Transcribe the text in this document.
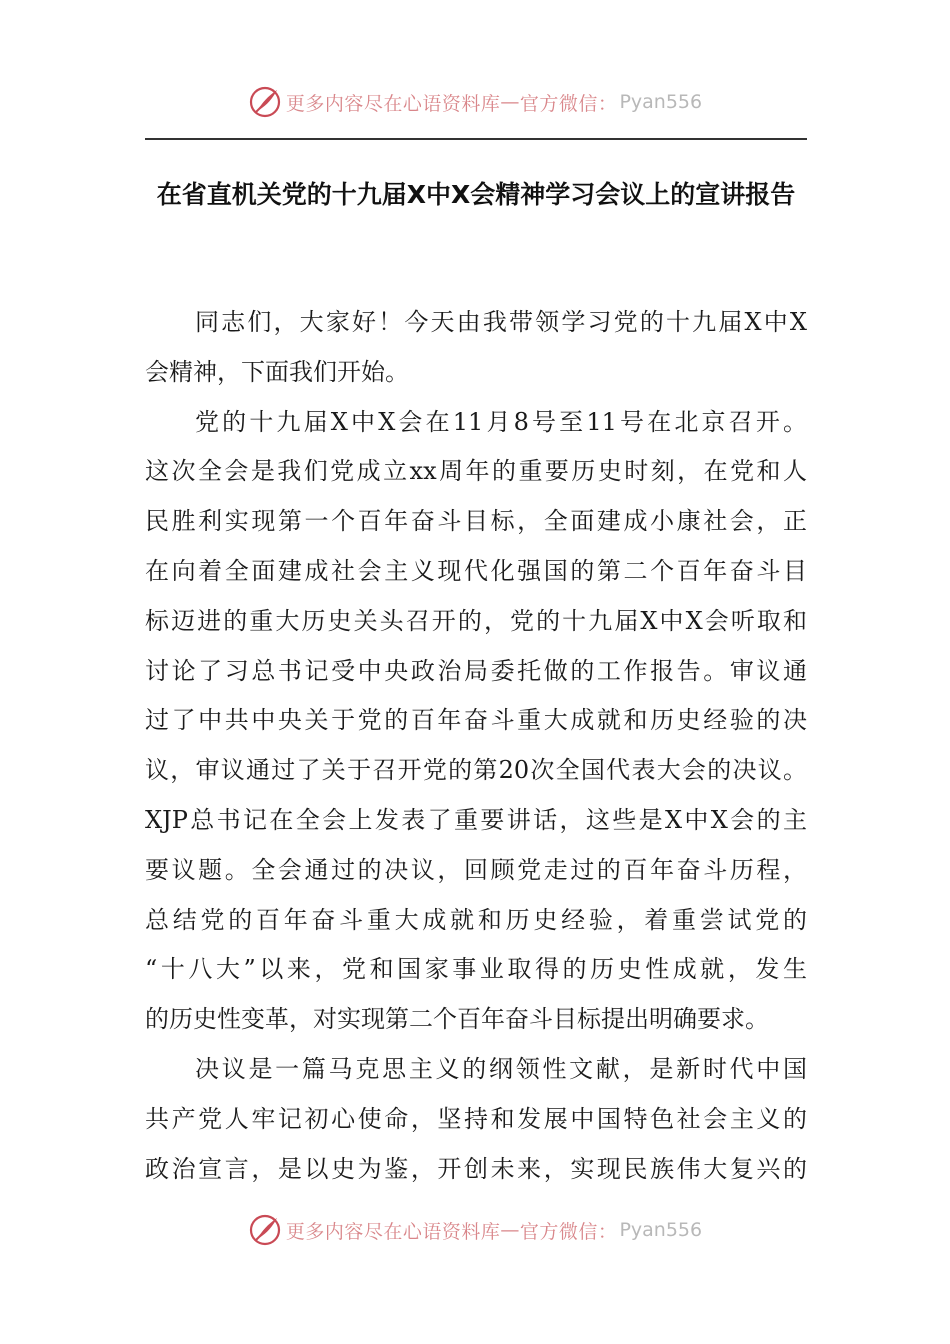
更多内容尽在心语资料库 — 官方微信： Pyan556
在省直机关党的十九届X中X会精神学习会议上的宣讲报告
同志们，大家好！今天由我带领学习党的十九届X中X
会精神，下面我们开始。
党的十九届X中X会在11月8号至11号在北京召开。
这次全会是我们党成立xx周年的重要历史时刻，在党和人
民胜利实现第一个百年奋斗目标，全面建成小康社会，正
在向着全面建成社会主义现代化强国的第二个百年奋斗目
标迈进的重大历史关头召开的，党的十九届X中X会听取和
讨论了习总书记受中央政治局委托做的工作报告。审议通
过了中共中央关于党的百年奋斗重大成就和历史经验的决
议，审议通过了关于召开党的第20次全国代表大会的决议。
XJP总书记在全会上发表了重要讲话，这些是X中X会的主
要议题。全会通过的决议，回顾党走过的百年奋斗历程，
总结党的百年奋斗重大成就和历史经验，着重尝试党的
“十八大”以来，党和国家事业取得的历史性成就，发生
的历史性变革，对实现第二个百年奋斗目标提出明确要求。
决议是一篇马克思主义的纲领性文献，是新时代中国
共产党人牢记初心使命，坚持和发展中国特色社会主义的
政治宣言，是以史为鉴，开创未来，实现民族伟大复兴的
更多内容尽在心语资料库 — 官方微信： Pyan556
